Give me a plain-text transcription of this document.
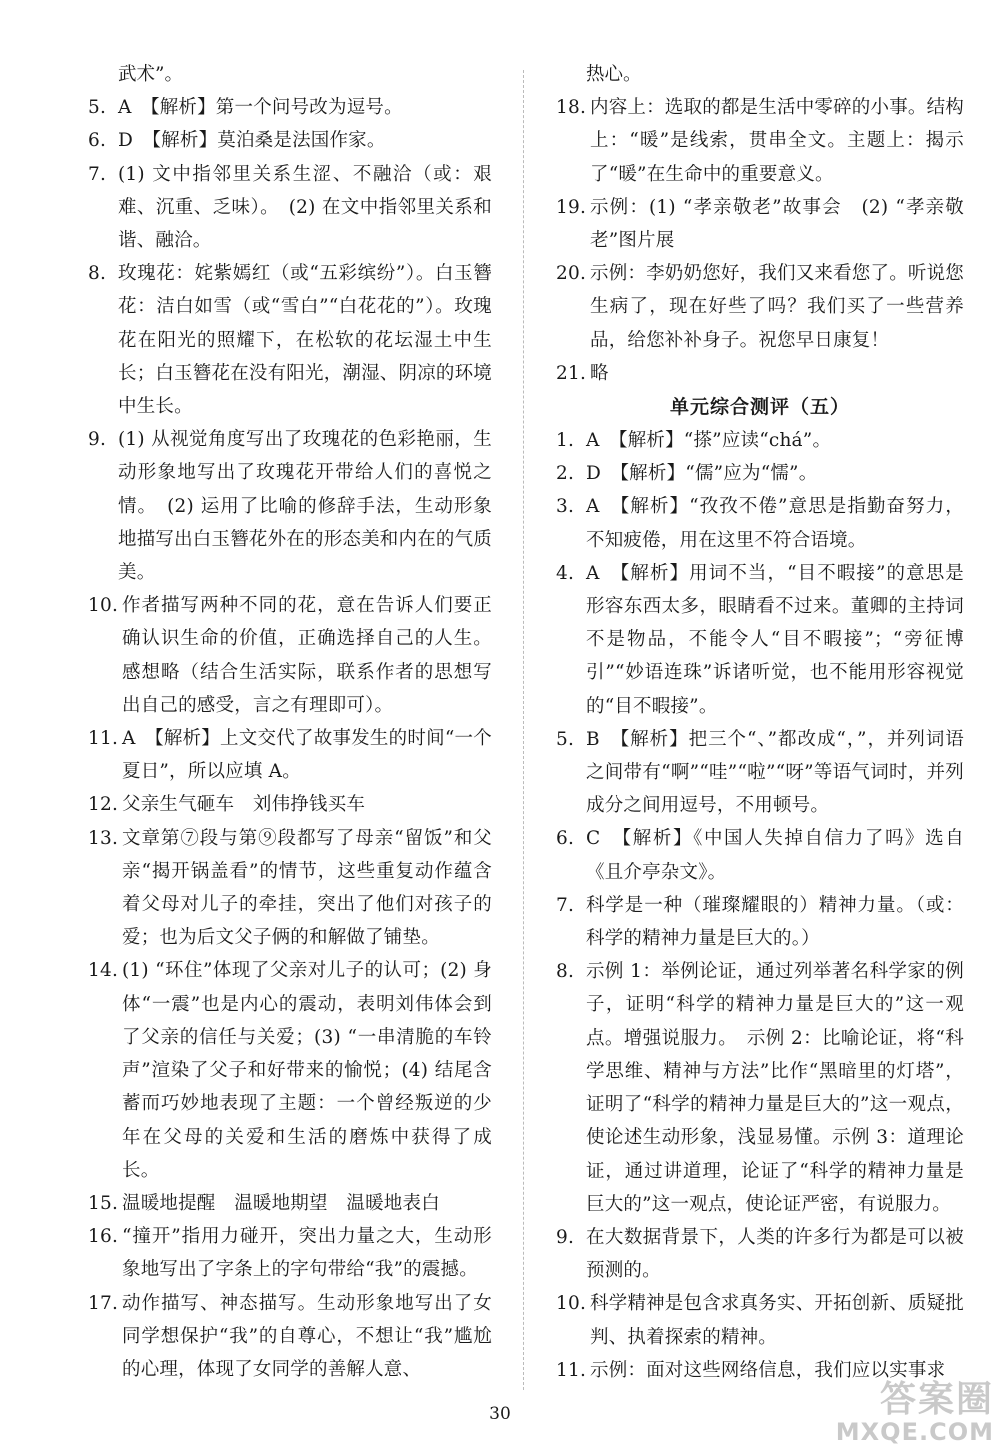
武术”。
5. A　【解析】第一个问号改为逗号。
6. D　【解析】莫泊桑是法国作家。
7. (1) 文中指邻里关系生涩、不融洽（或：艰难、沉重、乏味）。　(2) 在文中指邻里关系和谐、融洽。
8. 玫瑰花：姹紫嫣红（或“五彩缤纷”）。白玉簪花：洁白如雪（或“雪白”“白花花的”）。玫瑰花在阳光的照耀下，在松软的花坛湿土中生长；白玉簪花在没有阳光，潮湿、阴凉的环境中生长。
9. (1) 从视觉角度写出了玫瑰花的色彩艳丽，生动形象地写出了玫瑰花开带给人们的喜悦之情。　(2) 运用了比喻的修辞手法，生动形象地描写出白玉簪花外在的形态美和内在的气质美。
10. 作者描写两种不同的花，意在告诉人们要正确认识生命的价值，正确选择自己的人生。感想略（结合生活实际，联系作者的思想写出自己的感受，言之有理即可）。
11. A　【解析】上文交代了故事发生的时间“一个夏日”，所以应填 A。
12. 父亲生气砸车　刘伟挣钱买车
13. 文章第⑦段与第⑨段都写了母亲“留饭”和父亲“揭开锅盖看”的情节，这些重复动作蕴含着父母对儿子的牵挂，突出了他们对孩子的爱；也为后文父子俩的和解做了铺垫。
14. (1) “环住”体现了父亲对儿子的认可；(2) 身体“一震”也是内心的震动，表明刘伟体会到了父亲的信任与关爱；(3) “一串清脆的车铃声”渲染了父子和好带来的愉悦；(4) 结尾含蓄而巧妙地表现了主题：一个曾经叛逆的少年在父母的关爱和生活的磨炼中获得了成长。
15. 温暖地提醒　温暖地期望　温暖地表白
16. “撞开”指用力碰开，突出力量之大，生动形象地写出了字条上的字句带给“我”的震撼。
17. 动作描写、神态描写。生动形象地写出了女同学想保护“我”的自尊心，不想让“我”尴尬的心理，体现了女同学的善解人意、
热心。
18. 内容上：选取的都是生活中零碎的小事。结构上：“暖”是线索，贯串全文。主题上：揭示了“暖”在生命中的重要意义。
19. 示例：(1) “孝亲敬老”故事会　(2) “孝亲敬老”图片展
20. 示例：李奶奶您好，我们又来看您了。听说您生病了，现在好些了吗？我们买了一些营养品，给您补补身子。祝您早日康复！
21. 略
单元综合测评（五）
1. A　【解析】“搽”应读“chá”。
2. D　【解析】“儒”应为“懦”。
3. A　【解析】“孜孜不倦”意思是指勤奋努力，不知疲倦，用在这里不符合语境。
4. A　【解析】用词不当，“目不暇接”的意思是形容东西太多，眼睛看不过来。董卿的主持词不是物品，不能令人“目不暇接”；“旁征博引”“妙语连珠”诉诸听觉，也不能用形容视觉的“目不暇接”。
5. B　【解析】把三个“、”都改成“，”，并列词语之间带有“啊”“哇”“啦”“呀”等语气词时，并列成分之间用逗号，不用顿号。
6. C　【解析】《中国人失掉自信力了吗》选自《且介亭杂文》。
7. 科学是一种（璀璨耀眼的）精神力量。（或：科学的精神力量是巨大的。）
8. 示例 1：举例论证，通过列举著名科学家的例子，证明“科学的精神力量是巨大的”这一观点。增强说服力。　示例 2：比喻论证，将“科学思维、精神与方法”比作“黑暗里的灯塔”，证明了“科学的精神力量是巨大的”这一观点，使论述生动形象，浅显易懂。示例 3：道理论证，通过讲道理，论证了“科学的精神力量是巨大的”这一观点，使论证严密，有说服力。
9. 在大数据背景下，人类的许多行为都是可以被预测的。
10. 科学精神是包含求真务实、开拓创新、质疑批判、执着探索的精神。
11. 示例：面对这些网络信息，我们应以实事求
30	答案圈
MXQE.COM
